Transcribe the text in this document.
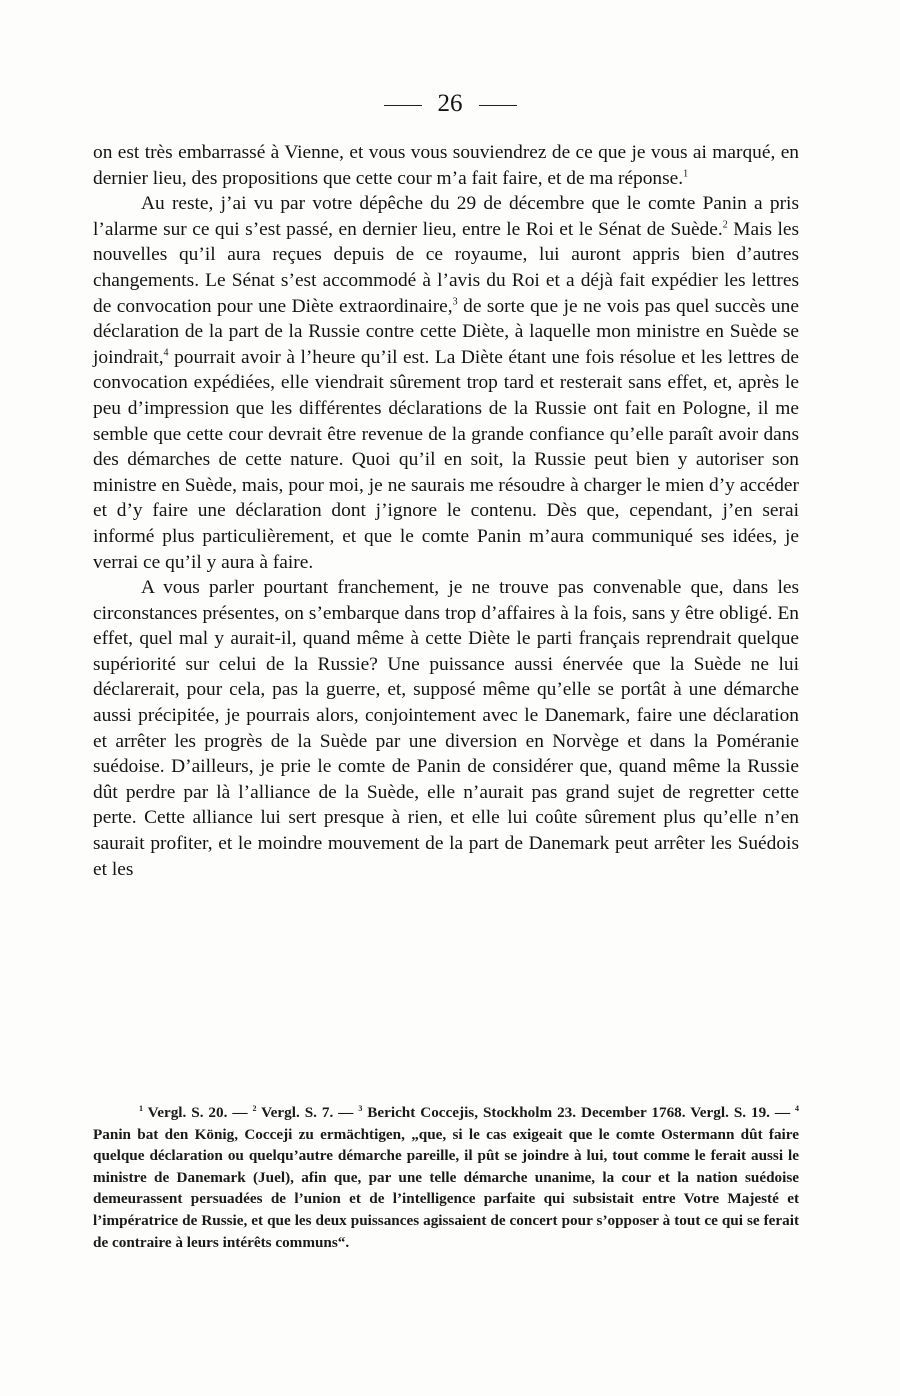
26

on est très embarrassé à Vienne, et vous vous souviendrez de ce que je vous ai marqué, en dernier lieu, des propositions que cette cour m’a fait faire, et de ma réponse.$^1$

Au reste, j’ai vu par votre dépêche du 29 de décembre que le comte Panin a pris l’alarme sur ce qui s’est passé, en dernier lieu, entre le Roi et le Sénat de Suède.$^2$ Mais les nouvelles qu’il aura reçues depuis de ce royaume, lui auront appris bien d’autres changements. Le Sénat s’est accommodé à l’avis du Roi et a déjà fait expédier les lettres de convocation pour une Diète extraordinaire,$^3$ de sorte que je ne vois pas quel succès une déclaration de la part de la Russie contre cette Diète, à laquelle mon ministre en Suède se joindrait,$^4$ pourrait avoir à l’heure qu’il est. La Diète étant une fois résolue et les lettres de convocation expédiées, elle viendrait sûrement trop tard et resterait sans effet, et, après le peu d’impression que les différentes déclarations de la Russie ont fait en Pologne, il me semble que cette cour devrait être revenue de la grande confiance qu’elle paraît avoir dans des démarches de cette nature. Quoi qu’il en soit, la Russie peut bien y autoriser son ministre en Suède, mais, pour moi, je ne saurais me résoudre à charger le mien d’y accéder et d’y faire une déclaration dont j’ignore le contenu. Dès que, cependant, j’en serai informé plus particulièrement, et que le comte Panin m’aura communiqué ses idées, je verrai ce qu’il y aura à faire.

A vous parler pourtant franchement, je ne trouve pas convenable que, dans les circonstances présentes, on s’embarque dans trop d’affaires à la fois, sans y être obligé. En effet, quel mal y aurait-il, quand même à cette Diète le parti français reprendrait quelque supériorité sur celui de la Russie? Une puissance aussi énervée que la Suède ne lui déclarerait, pour cela, pas la guerre, et, supposé même qu’elle se portât à une démarche aussi précipitée, je pourrais alors, conjointement avec le Danemark, faire une déclaration et arrêter les progrès de la Suède par une diversion en Norvège et dans la Poméranie suédoise. D’ailleurs, je prie le comte de Panin de considérer que, quand même la Russie dût perdre par là l’alliance de la Suède, elle n’aurait pas grand sujet de regretter cette perte. Cette alliance lui sert presque à rien, et elle lui coûte sûrement plus qu’elle n’en saurait profiter, et le moindre mouvement de la part de Danemark peut arrêter les Suédois et les

$^1$ Vergl. S. 20. — $^2$ Vergl. S. 7. — $^3$ Bericht Coccejis, Stockholm 23. December 1768. Vergl. S. 19. — $^4$ Panin bat den König, Cocceji zu ermächtigen, „que, si le cas exigeait que le comte Ostermann dût faire quelque déclaration ou quelqu’autre démarche pareille, il pût se joindre à lui, tout comme le ferait aussi le ministre de Danemark (Juel), afin que, par une telle démarche unanime, la cour et la nation suédoise demeurassent persuadées de l’union et de l’intelligence parfaite qui subsistait entre Votre Majesté et l’impératrice de Russie, et que les deux puissances agissaient de concert pour s’opposer à tout ce qui se ferait de contraire à leurs intérêts communs“.
